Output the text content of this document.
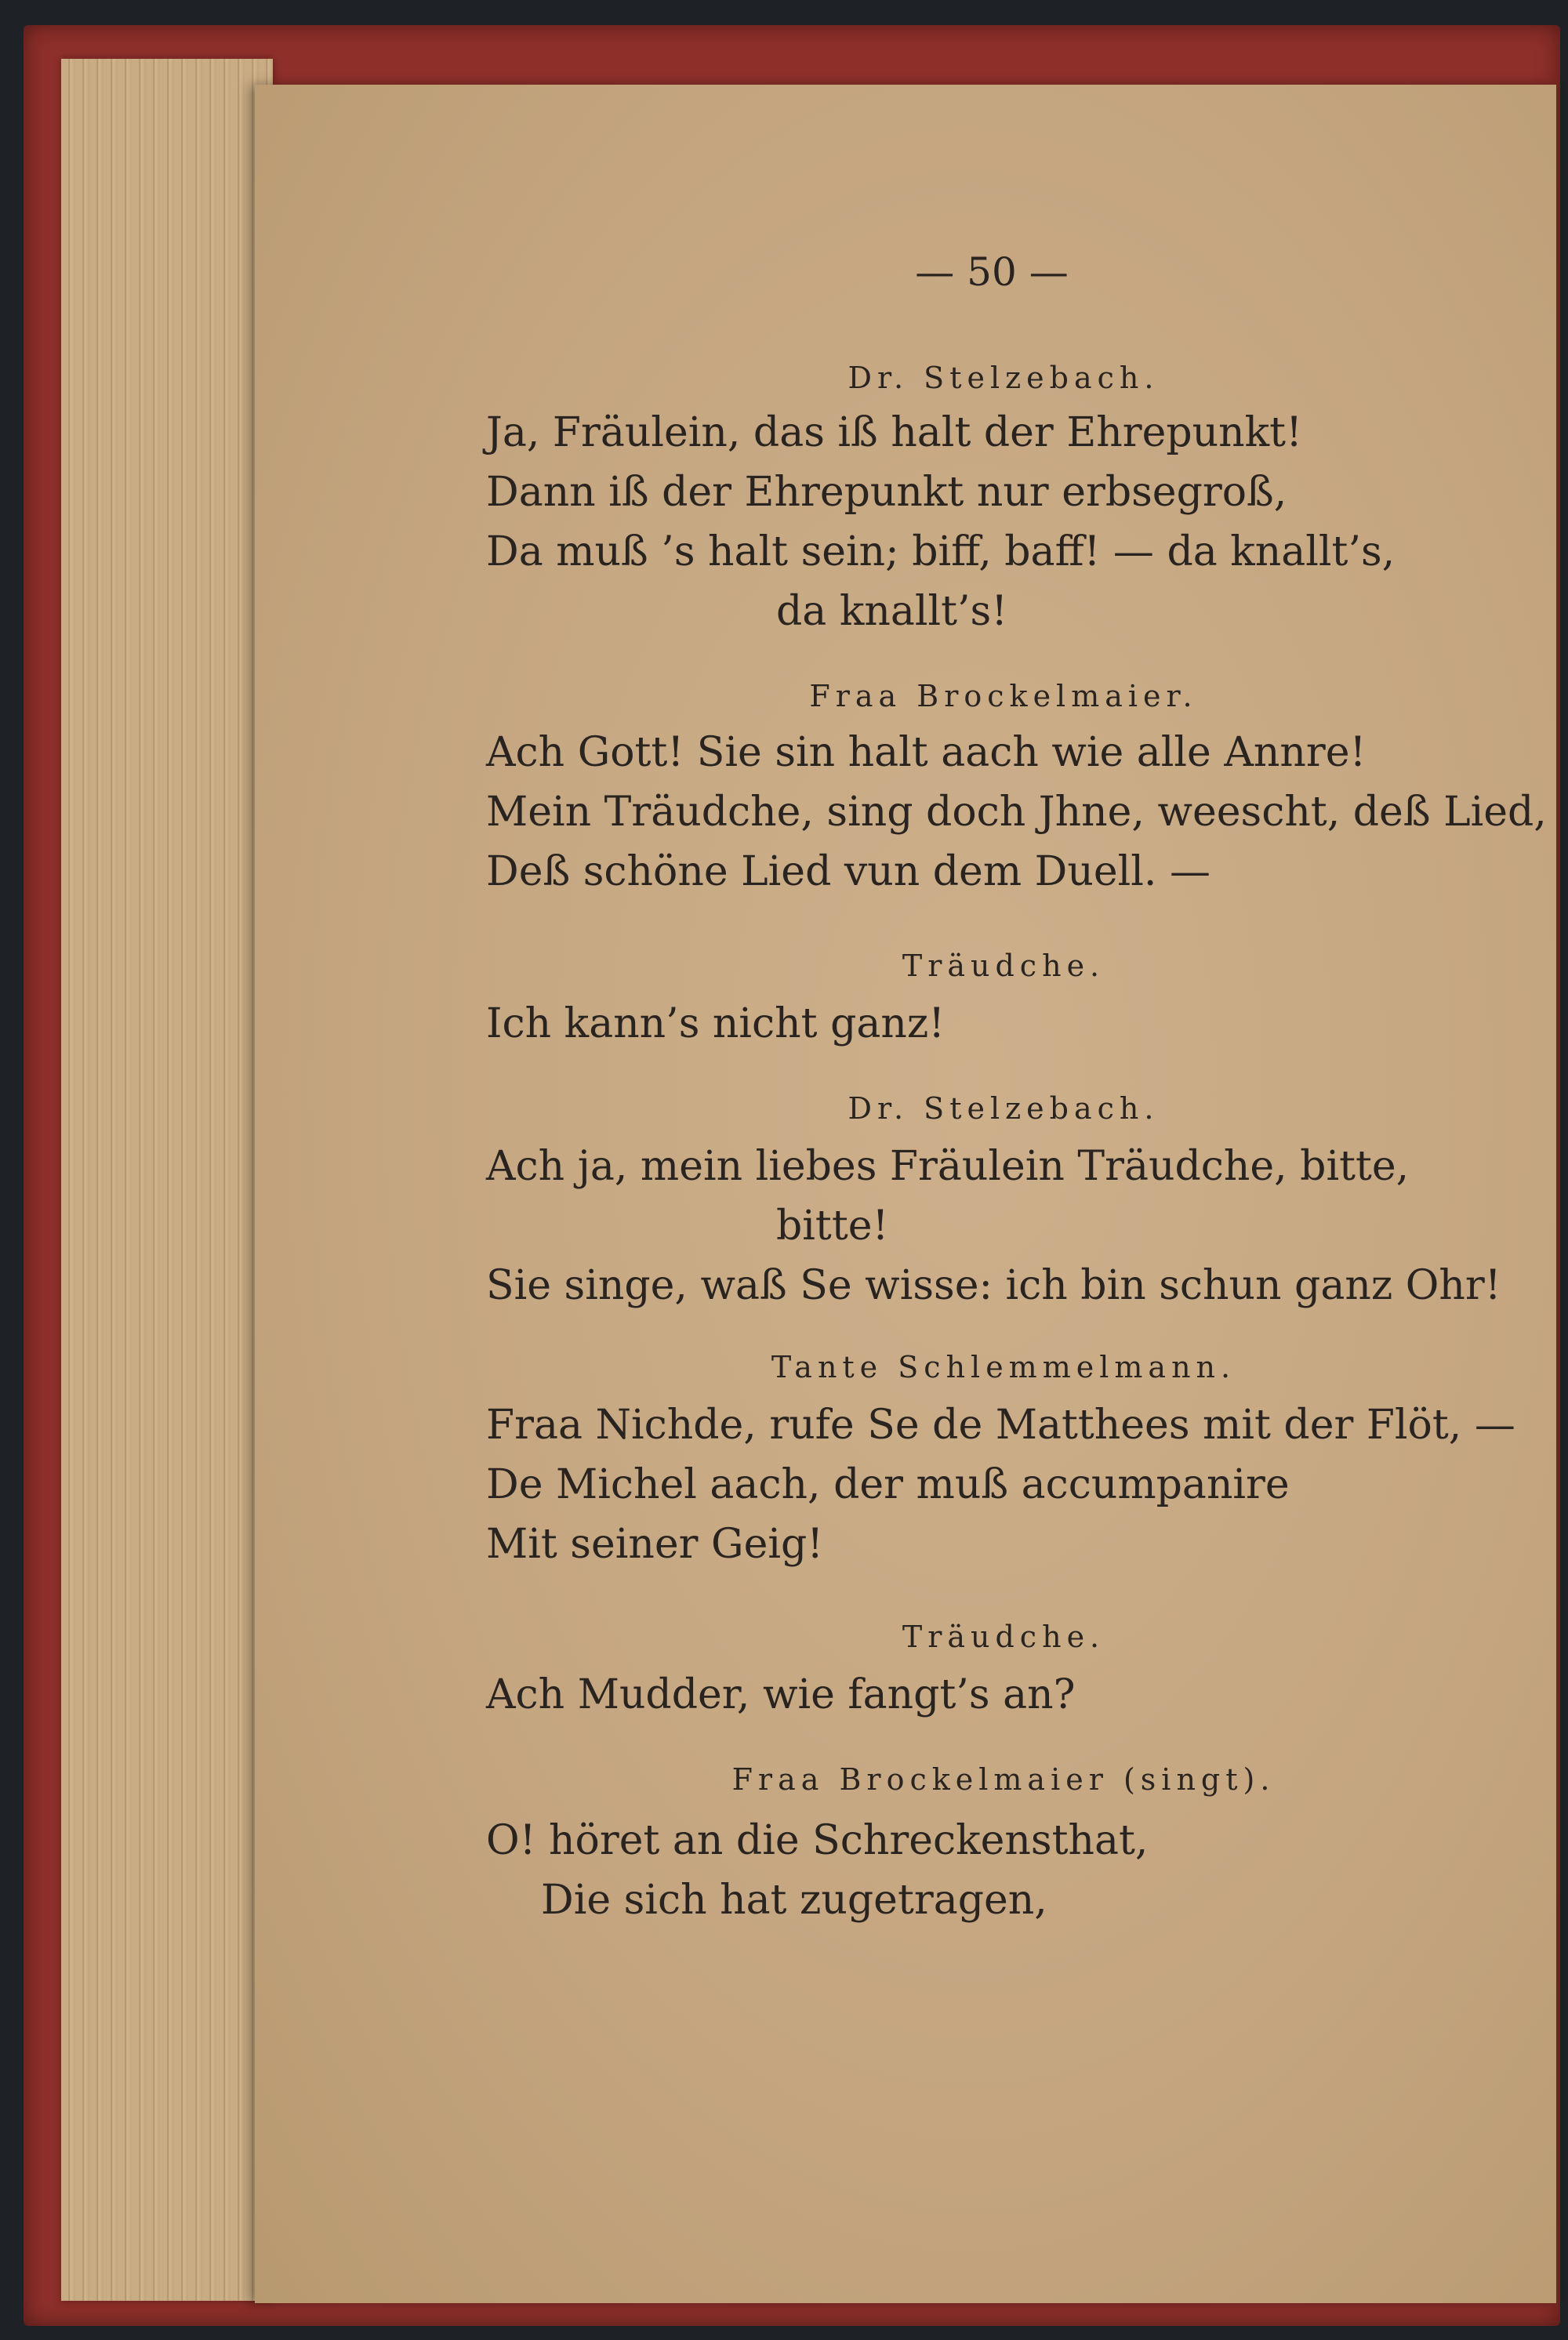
— 50 —
Dr. Stelzebach.
Ja, Fräulein, das iß halt der Ehrepunkt!
Dann iß der Ehrepunkt nur erbsegroß,
Da muß ’s halt sein; biff, baff! — da knallt’s,
da knallt’s!
Fraa Brockelmaier.
Ach Gott! Sie sin halt aach wie alle Annre!
Mein Träudche, sing doch Jhne, weescht, deß Lied,
Deß schöne Lied vun dem Duell. —
Träudche.
Ich kann’s nicht ganz!
Dr. Stelzebach.
Ach ja, mein liebes Fräulein Träudche, bitte,
bitte!
Sie singe, waß Se wisse: ich bin schun ganz Ohr!
Tante Schlemmelmann.
Fraa Nichde, rufe Se de Matthees mit der Flöt, —
De Michel aach, der muß accumpanire
Mit seiner Geig!
Träudche.
Ach Mudder, wie fangt’s an?
Fraa Brockelmaier (singt).
O! höret an die Schreckensthat,
Die sich hat zugetragen,
